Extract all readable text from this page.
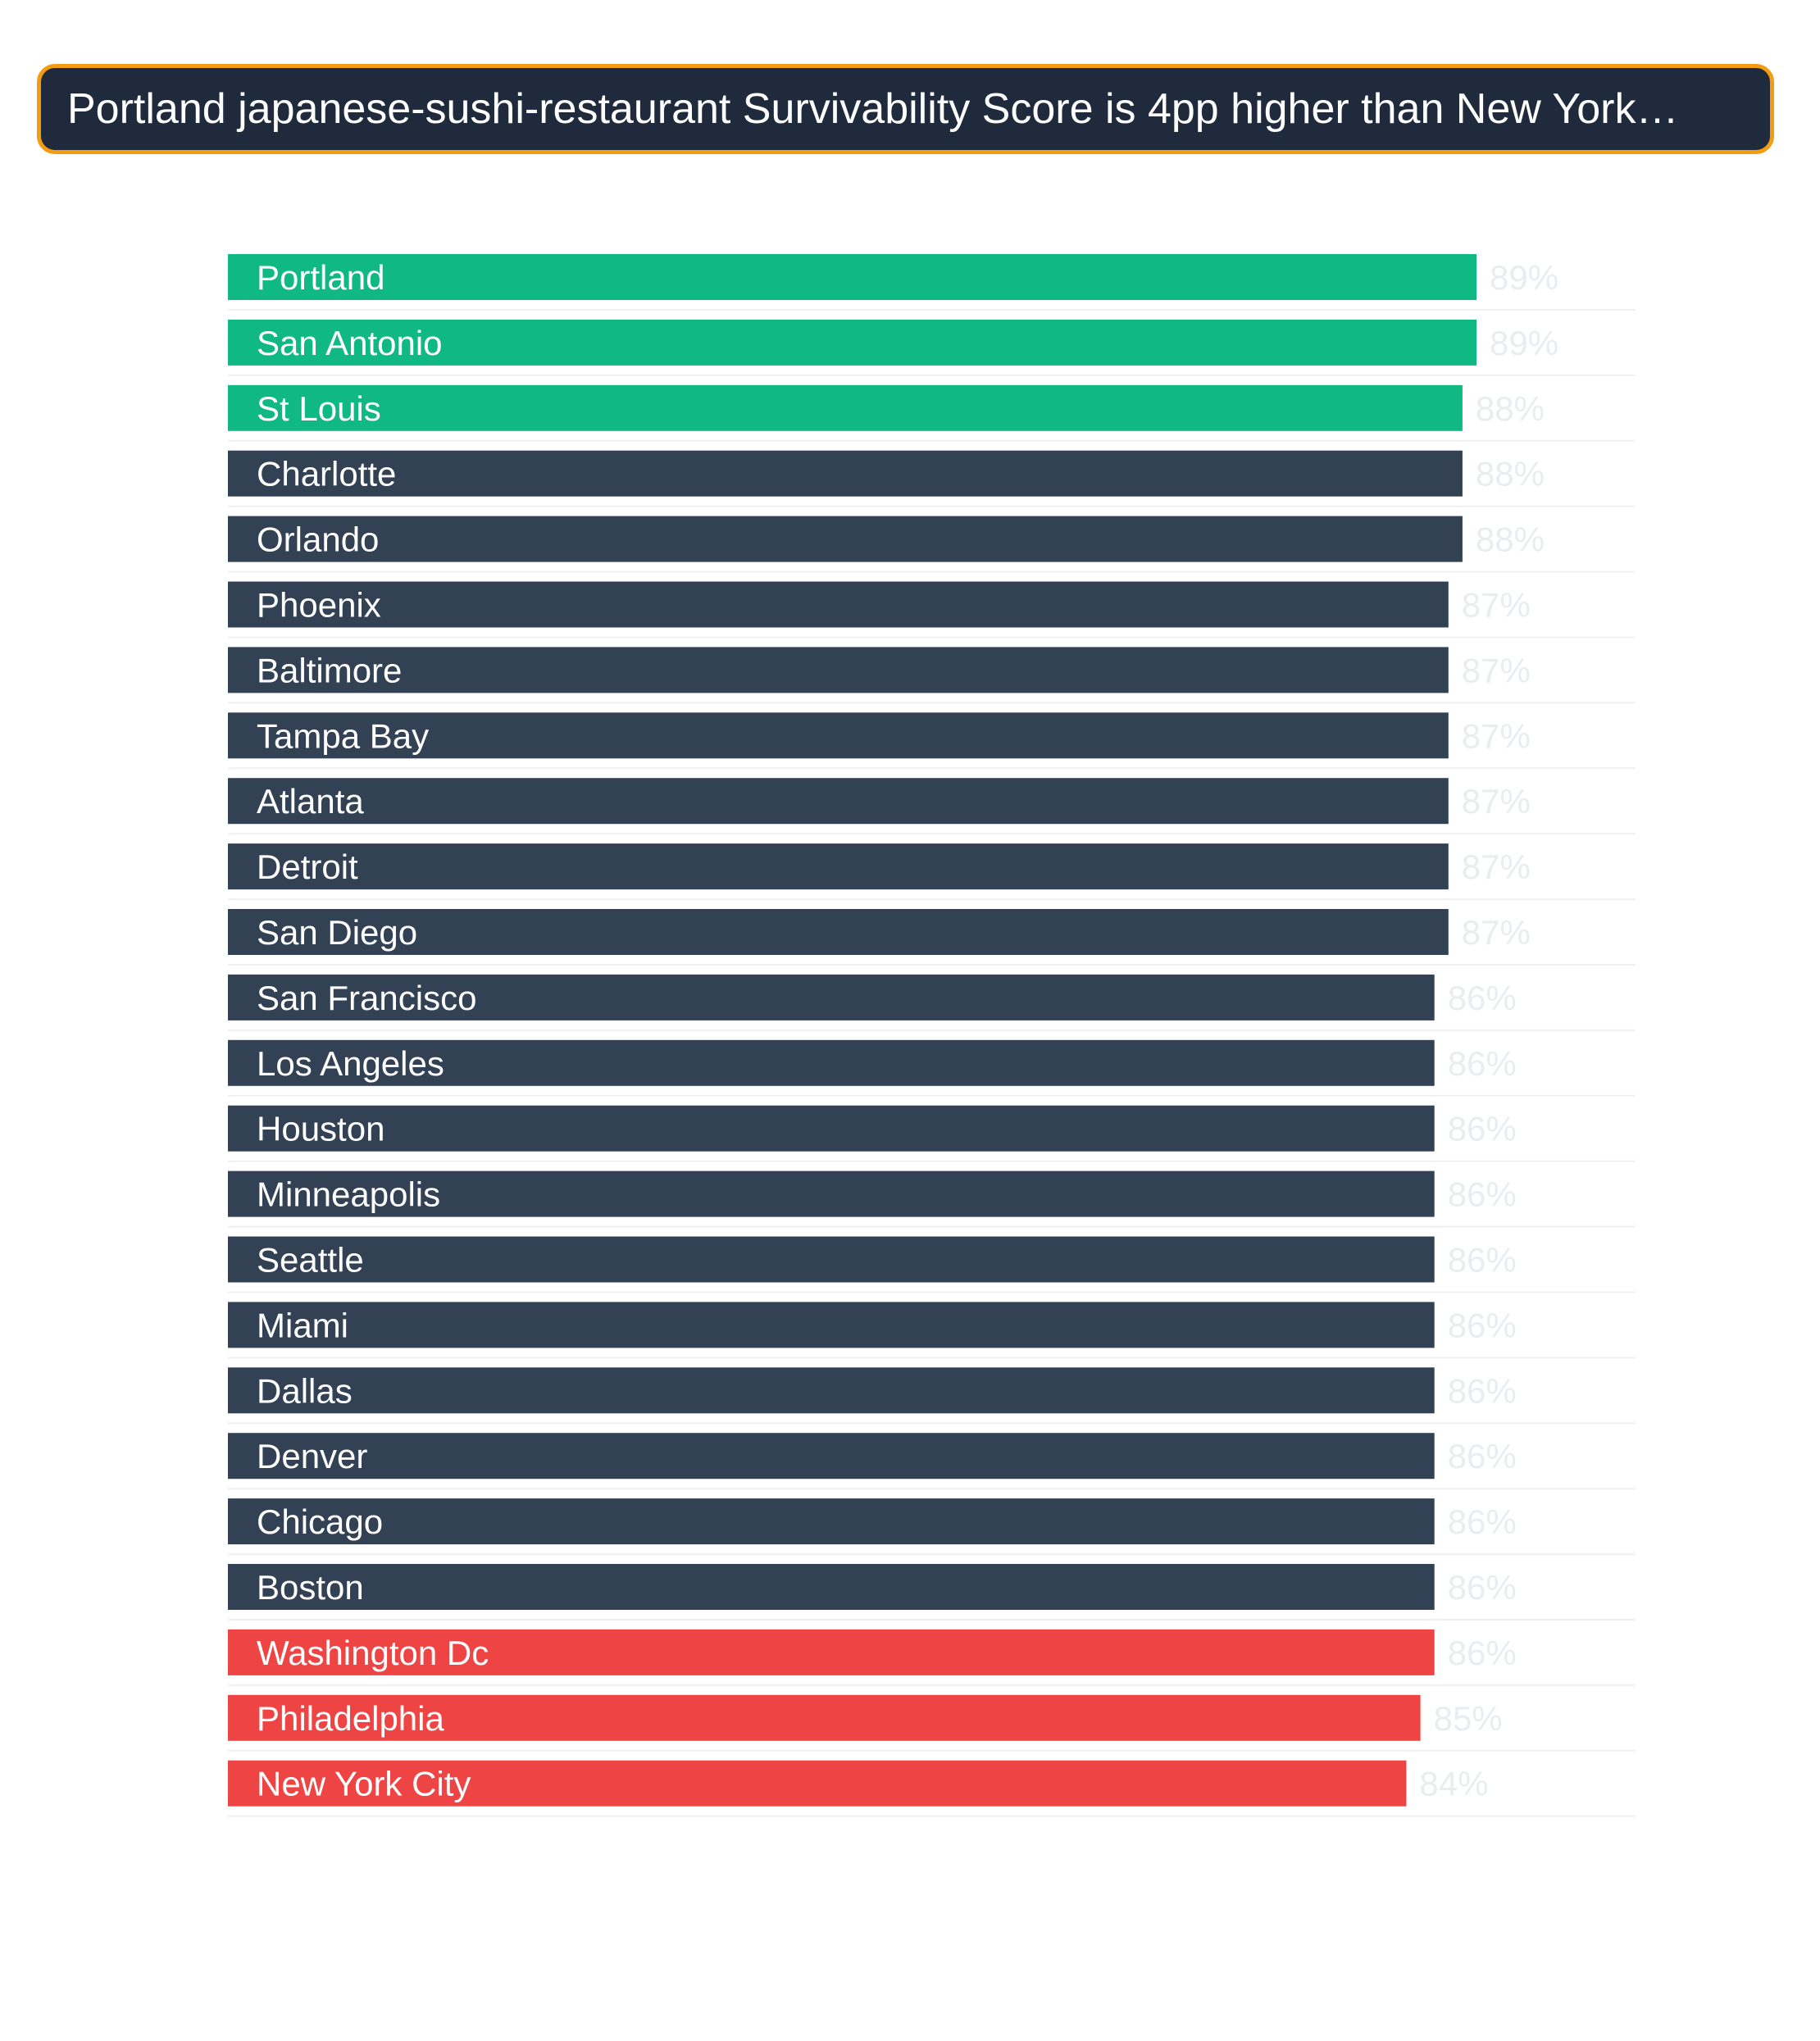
Portland japanese-sushi-restaurant Survivability Score is 4pp higher than New York…
Portland	89%
San Antonio	89%
St Louis	88%
Charlotte	88%
Orlando	88%
Phoenix	87%
Baltimore	87%
Tampa Bay	87%
Atlanta	87%
Detroit	87%
San Diego	87%
San Francisco	86%
Los Angeles	86%
Houston	86%
Minneapolis	86%
Seattle	86%
Miami	86%
Dallas	86%
Denver	86%
Chicago	86%
Boston	86%
Washington Dc	86%
Philadelphia	85%
New York City	84%
